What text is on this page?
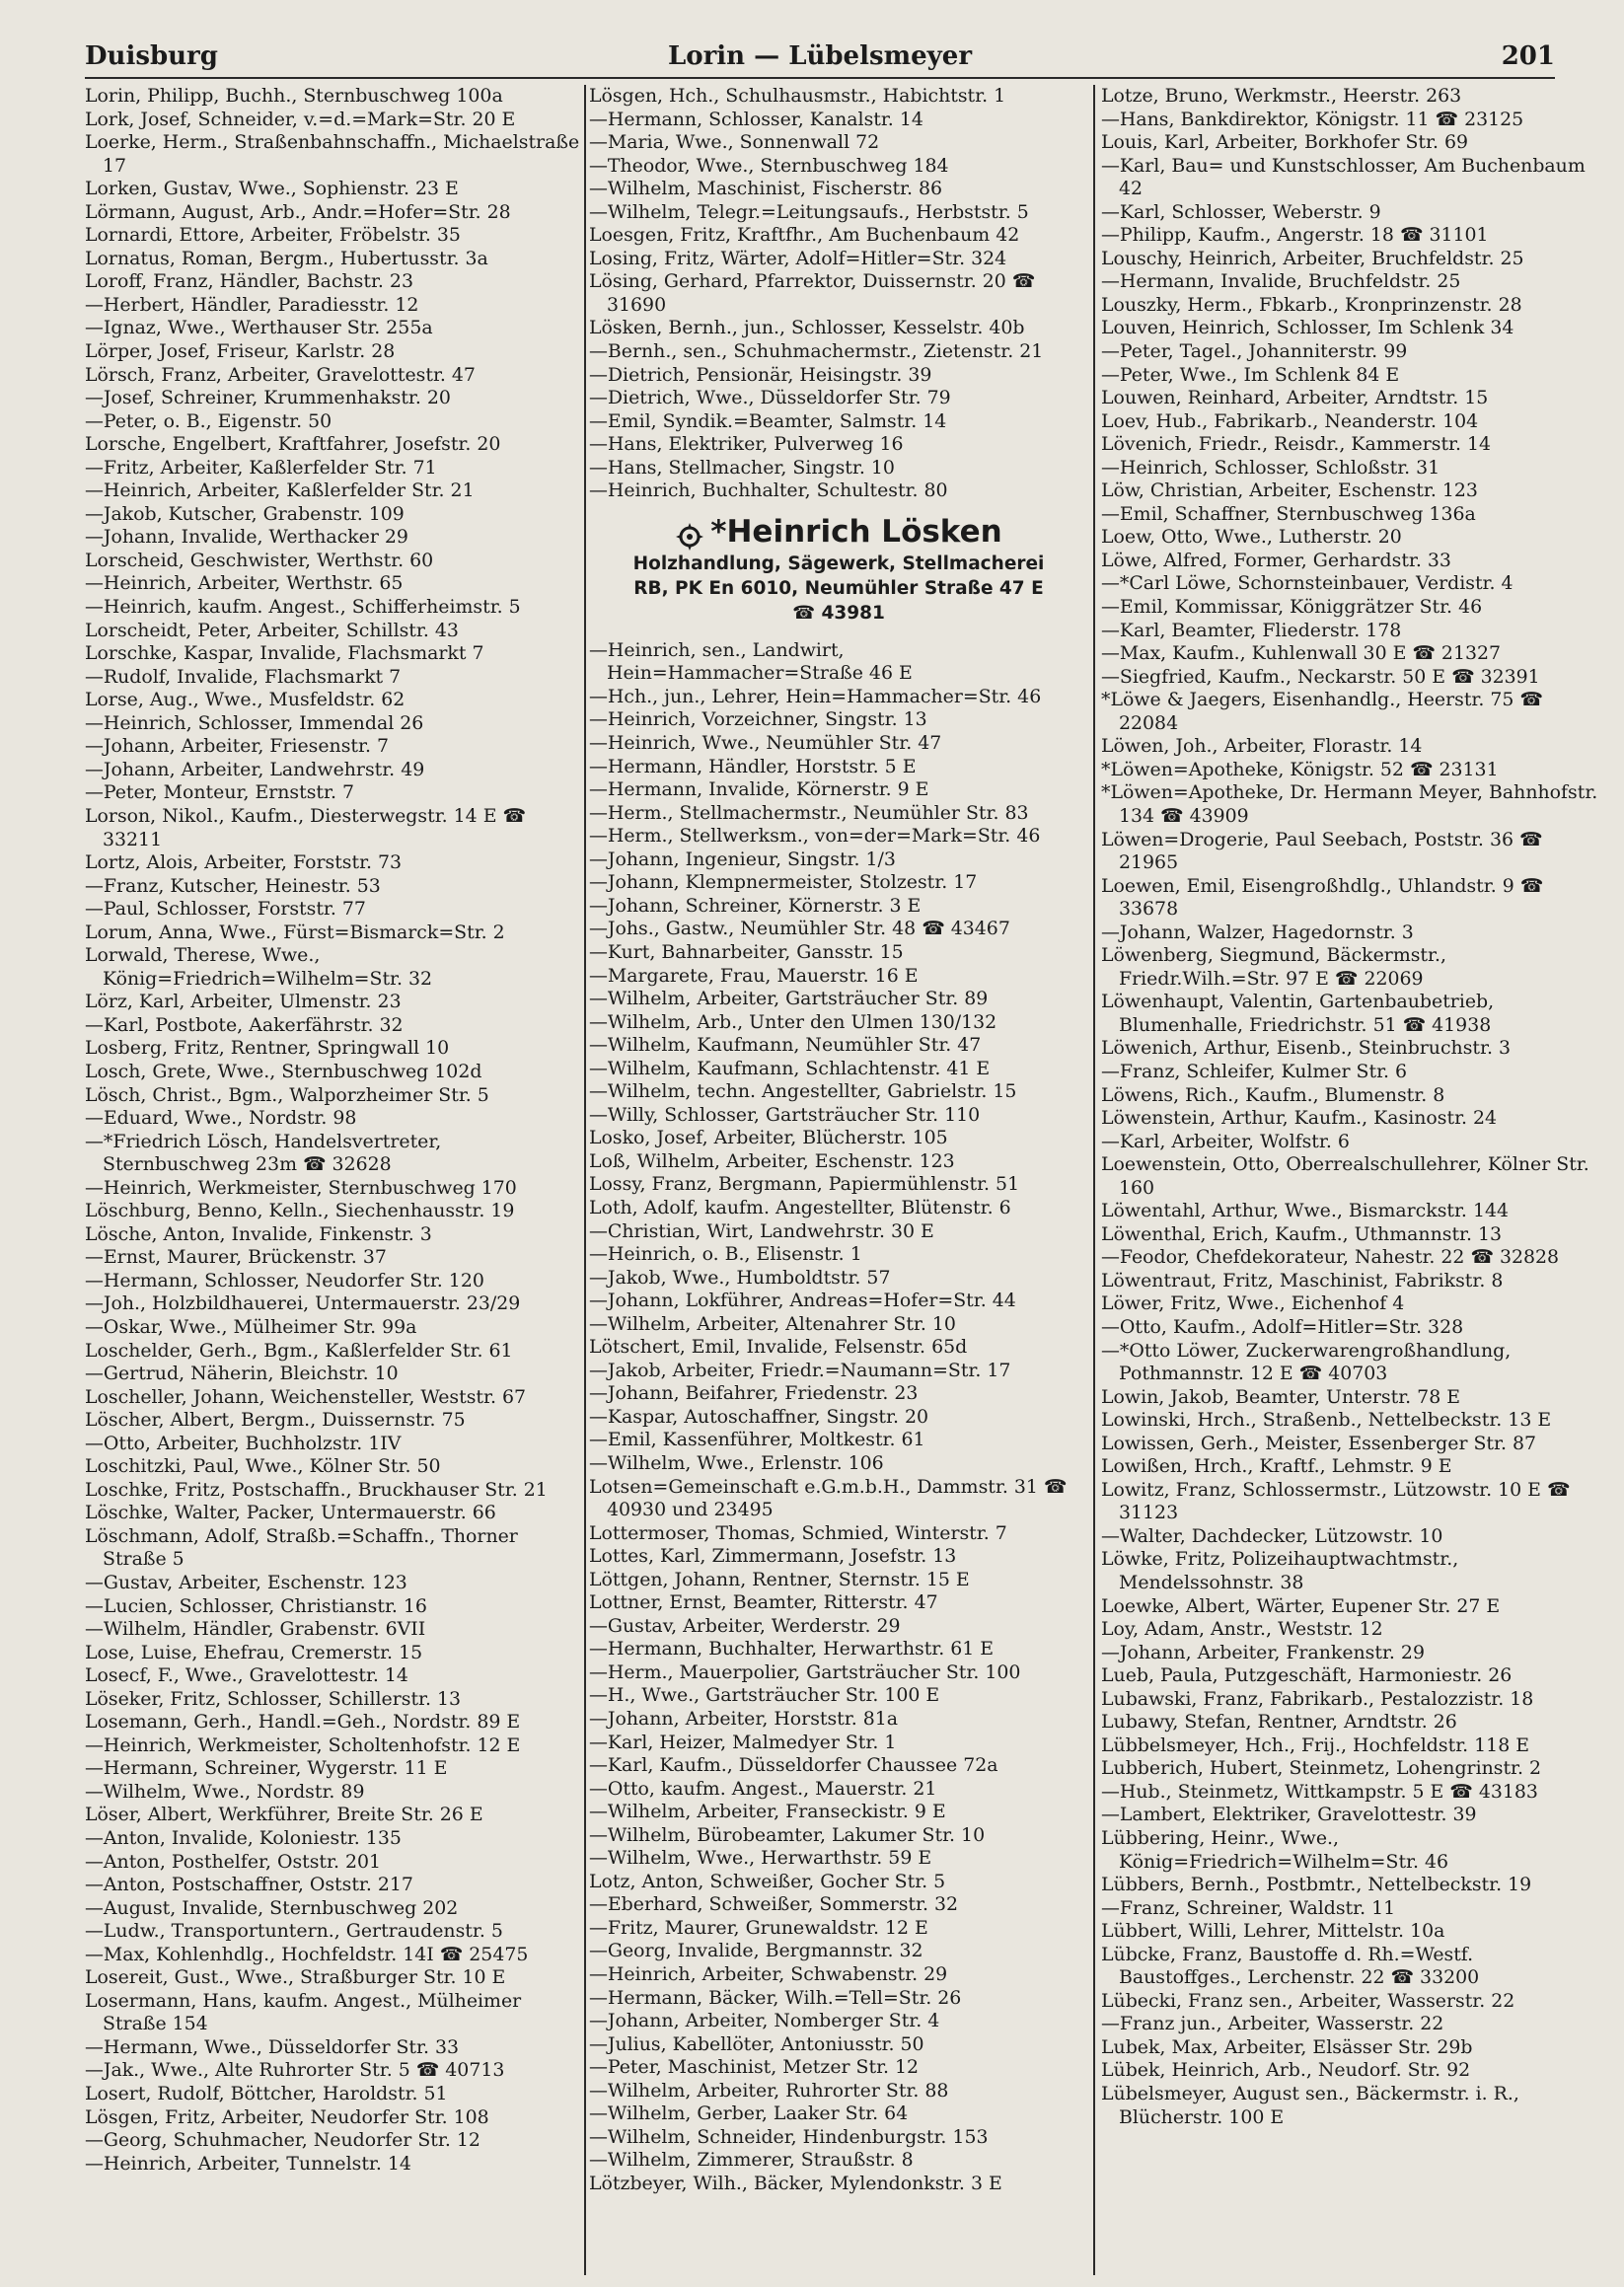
Duisburg	Lorin — Lübelsmeyer	201
Lorin, Philipp, Buchh., Sternbuschweg 100a
Lork, Josef, Schneider, v.=d.=Mark=Str. 20 E
Loerke, Herm., Straßenbahnschaffn., Michaelstraße 17
Lorken, Gustav, Wwe., Sophienstr. 23 E
Lörmann, August, Arb., Andr.=Hofer=Str. 28
Lornardi, Ettore, Arbeiter, Fröbelstr. 35
Lornatus, Roman, Bergm., Hubertusstr. 3a
Loroff, Franz, Händler, Bachstr. 23
—Herbert, Händler, Paradiesstr. 12
—Ignaz, Wwe., Werthauser Str. 255a
Lörper, Josef, Friseur, Karlstr. 28
Lörsch, Franz, Arbeiter, Gravelottestr. 47
—Josef, Schreiner, Krummenhakstr. 20
—Peter, o. B., Eigenstr. 50
Lorsche, Engelbert, Kraftfahrer, Josefstr. 20
—Fritz, Arbeiter, Kaßlerfelder Str. 71
—Heinrich, Arbeiter, Kaßlerfelder Str. 21
—Jakob, Kutscher, Grabenstr. 109
—Johann, Invalide, Werthacker 29
Lorscheid, Geschwister, Werthstr. 60
—Heinrich, Arbeiter, Werthstr. 65
—Heinrich, kaufm. Angest., Schifferheimstr. 5
Lorscheidt, Peter, Arbeiter, Schillstr. 43
Lorschke, Kaspar, Invalide, Flachsmarkt 7
—Rudolf, Invalide, Flachsmarkt 7
Lorse, Aug., Wwe., Musfeldstr. 62
—Heinrich, Schlosser, Immendal 26
—Johann, Arbeiter, Friesenstr. 7
—Johann, Arbeiter, Landwehrstr. 49
—Peter, Monteur, Ernststr. 7
Lorson, Nikol., Kaufm., Diesterwegstr. 14 E ☎ 33211
Lortz, Alois, Arbeiter, Forststr. 73
—Franz, Kutscher, Heinestr. 53
—Paul, Schlosser, Forststr. 77
Lorum, Anna, Wwe., Fürst=Bismarck=Str. 2
Lorwald, Therese, Wwe., König=Friedrich=Wilhelm=Str. 32
Lörz, Karl, Arbeiter, Ulmenstr. 23
—Karl, Postbote, Aakerfährstr. 32
Losberg, Fritz, Rentner, Springwall 10
Losch, Grete, Wwe., Sternbuschweg 102d
Lösch, Christ., Bgm., Walporzheimer Str. 5
—Eduard, Wwe., Nordstr. 98
—*Friedrich Lösch, Handelsvertreter, Sternbuschweg 23m ☎ 32628
—Heinrich, Werkmeister, Sternbuschweg 170
Löschburg, Benno, Kelln., Siechenhausstr. 19
Lösche, Anton, Invalide, Finkenstr. 3
—Ernst, Maurer, Brückenstr. 37
—Hermann, Schlosser, Neudorfer Str. 120
—Joh., Holzbildhauerei, Untermauerstr. 23/29
—Oskar, Wwe., Mülheimer Str. 99a
Loschelder, Gerh., Bgm., Kaßlerfelder Str. 61
—Gertrud, Näherin, Bleichstr. 10
Loscheller, Johann, Weichensteller, Weststr. 67
Löscher, Albert, Bergm., Duissernstr. 75
—Otto, Arbeiter, Buchholzstr. 1IV
Loschitzki, Paul, Wwe., Kölner Str. 50
Loschke, Fritz, Postschaffn., Bruckhauser Str. 21
Löschke, Walter, Packer, Untermauerstr. 66
Löschmann, Adolf, Straßb.=Schaffn., Thorner Straße 5
—Gustav, Arbeiter, Eschenstr. 123
—Lucien, Schlosser, Christianstr. 16
—Wilhelm, Händler, Grabenstr. 6VII
Lose, Luise, Ehefrau, Cremerstr. 15
Losecf, F., Wwe., Gravelottestr. 14
Löseker, Fritz, Schlosser, Schillerstr. 13
Losemann, Gerh., Handl.=Geh., Nordstr. 89 E
—Heinrich, Werkmeister, Scholtenhofstr. 12 E
—Hermann, Schreiner, Wygerstr. 11 E
—Wilhelm, Wwe., Nordstr. 89
Löser, Albert, Werkführer, Breite Str. 26 E
—Anton, Invalide, Koloniestr. 135
—Anton, Posthelfer, Oststr. 201
—Anton, Postschaffner, Oststr. 217
—August, Invalide, Sternbuschweg 202
—Ludw., Transportuntern., Gertraudenstr. 5
—Max, Kohlenhdlg., Hochfeldstr. 14I ☎ 25475
Losereit, Gust., Wwe., Straßburger Str. 10 E
Losermann, Hans, kaufm. Angest., Mülheimer Straße 154
—Hermann, Wwe., Düsseldorfer Str. 33
—Jak., Wwe., Alte Ruhrorter Str. 5 ☎ 40713
Losert, Rudolf, Böttcher, Haroldstr. 51
Lösgen, Fritz, Arbeiter, Neudorfer Str. 108
—Georg, Schuhmacher, Neudorfer Str. 12
—Heinrich, Arbeiter, Tunnelstr. 14
Lösgen, Hch., Schulhausmstr., Habichtstr. 1
—Hermann, Schlosser, Kanalstr. 14
—Maria, Wwe., Sonnenwall 72
—Theodor, Wwe., Sternbuschweg 184
—Wilhelm, Maschinist, Fischerstr. 86
—Wilhelm, Telegr.=Leitungsaufs., Herbststr. 5
Loesgen, Fritz, Kraftfhr., Am Buchenbaum 42
Losing, Fritz, Wärter, Adolf=Hitler=Str. 324
Lösing, Gerhard, Pfarrektor, Duissernstr. 20 ☎ 31690
Lösken, Bernh., jun., Schlosser, Kesselstr. 40b
—Bernh., sen., Schuhmachermstr., Zietenstr. 21
—Dietrich, Pensionär, Heisingstr. 39
—Dietrich, Wwe., Düsseldorfer Str. 79
—Emil, Syndik.=Beamter, Salmstr. 14
—Hans, Elektriker, Pulverweg 16
—Hans, Stellmacher, Singstr. 10
—Heinrich, Buchhalter, Schultestr. 80
*Heinrich Lösken
Holzhandlung, Sägewerk, Stellmacherei
RB, PK En 6010, Neumühler Straße 47 E
☎ 43981
—Heinrich, sen., Landwirt, Hein=Hammacher=Straße 46 E
—Hch., jun., Lehrer, Hein=Hammacher=Str. 46
—Heinrich, Vorzeichner, Singstr. 13
—Heinrich, Wwe., Neumühler Str. 47
—Hermann, Händler, Horststr. 5 E
—Hermann, Invalide, Körnerstr. 9 E
—Herm., Stellmachermstr., Neumühler Str. 83
—Herm., Stellwerksm., von=der=Mark=Str. 46
—Johann, Ingenieur, Singstr. 1/3
—Johann, Klempnermeister, Stolzestr. 17
—Johann, Schreiner, Körnerstr. 3 E
—Johs., Gastw., Neumühler Str. 48 ☎ 43467
—Kurt, Bahnarbeiter, Gansstr. 15
—Margarete, Frau, Mauerstr. 16 E
—Wilhelm, Arbeiter, Gartsträucher Str. 89
—Wilhelm, Arb., Unter den Ulmen 130/132
—Wilhelm, Kaufmann, Neumühler Str. 47
—Wilhelm, Kaufmann, Schlachtenstr. 41 E
—Wilhelm, techn. Angestellter, Gabrielstr. 15
—Willy, Schlosser, Gartsträucher Str. 110
Losko, Josef, Arbeiter, Blücherstr. 105
Loß, Wilhelm, Arbeiter, Eschenstr. 123
Lossy, Franz, Bergmann, Papiermühlenstr. 51
Loth, Adolf, kaufm. Angestellter, Blütenstr. 6
—Christian, Wirt, Landwehrstr. 30 E
—Heinrich, o. B., Elisenstr. 1
—Jakob, Wwe., Humboldtstr. 57
—Johann, Lokführer, Andreas=Hofer=Str. 44
—Wilhelm, Arbeiter, Altenahrer Str. 10
Lötschert, Emil, Invalide, Felsenstr. 65d
—Jakob, Arbeiter, Friedr.=Naumann=Str. 17
—Johann, Beifahrer, Friedenstr. 23
—Kaspar, Autoschaffner, Singstr. 20
—Emil, Kassenführer, Moltkestr. 61
—Wilhelm, Wwe., Erlenstr. 106
Lotsen=Gemeinschaft e.G.m.b.H., Dammstr. 31 ☎ 40930 und 23495
Lottermoser, Thomas, Schmied, Winterstr. 7
Lottes, Karl, Zimmermann, Josefstr. 13
Löttgen, Johann, Rentner, Sternstr. 15 E
Lottner, Ernst, Beamter, Ritterstr. 47
—Gustav, Arbeiter, Werderstr. 29
—Hermann, Buchhalter, Herwarthstr. 61 E
—Herm., Mauerpolier, Gartsträucher Str. 100
—H., Wwe., Gartsträucher Str. 100 E
—Johann, Arbeiter, Horststr. 81a
—Karl, Heizer, Malmedyer Str. 1
—Karl, Kaufm., Düsseldorfer Chaussee 72a
—Otto, kaufm. Angest., Mauerstr. 21
—Wilhelm, Arbeiter, Franseckistr. 9 E
—Wilhelm, Bürobeamter, Lakumer Str. 10
—Wilhelm, Wwe., Herwarthstr. 59 E
Lotz, Anton, Schweißer, Gocher Str. 5
—Eberhard, Schweißer, Sommerstr. 32
—Fritz, Maurer, Grunewaldstr. 12 E
—Georg, Invalide, Bergmannstr. 32
—Heinrich, Arbeiter, Schwabenstr. 29
—Hermann, Bäcker, Wilh.=Tell=Str. 26
—Johann, Arbeiter, Nomberger Str. 4
—Julius, Kabellöter, Antoniusstr. 50
—Peter, Maschinist, Metzer Str. 12
—Wilhelm, Arbeiter, Ruhrorter Str. 88
—Wilhelm, Gerber, Laaker Str. 64
—Wilhelm, Schneider, Hindenburgstr. 153
—Wilhelm, Zimmerer, Straußstr. 8
Lötzbeyer, Wilh., Bäcker, Mylendonkstr. 3 E
Lotze, Bruno, Werkmstr., Heerstr. 263
—Hans, Bankdirektor, Königstr. 11 ☎ 23125
Louis, Karl, Arbeiter, Borkhofer Str. 69
—Karl, Bau= und Kunstschlosser, Am Buchenbaum 42
—Karl, Schlosser, Weberstr. 9
—Philipp, Kaufm., Angerstr. 18 ☎ 31101
Louschy, Heinrich, Arbeiter, Bruchfeldstr. 25
—Hermann, Invalide, Bruchfeldstr. 25
Louszky, Herm., Fbkarb., Kronprinzenstr. 28
Louven, Heinrich, Schlosser, Im Schlenk 34
—Peter, Tagel., Johanniterstr. 99
—Peter, Wwe., Im Schlenk 84 E
Louwen, Reinhard, Arbeiter, Arndtstr. 15
Loev, Hub., Fabrikarb., Neanderstr. 104
Lövenich, Friedr., Reisdr., Kammerstr. 14
—Heinrich, Schlosser, Schloßstr. 31
Löw, Christian, Arbeiter, Eschenstr. 123
—Emil, Schaffner, Sternbuschweg 136a
Loew, Otto, Wwe., Lutherstr. 20
Löwe, Alfred, Former, Gerhardstr. 33
—*Carl Löwe, Schornsteinbauer, Verdistr. 4
—Emil, Kommissar, Königgrätzer Str. 46
—Karl, Beamter, Fliederstr. 178
—Max, Kaufm., Kuhlenwall 30 E ☎ 21327
—Siegfried, Kaufm., Neckarstr. 50 E ☎ 32391
*Löwe & Jaegers, Eisenhandlg., Heerstr. 75 ☎ 22084
Löwen, Joh., Arbeiter, Florastr. 14
*Löwen=Apotheke, Königstr. 52 ☎ 23131
*Löwen=Apotheke, Dr. Hermann Meyer, Bahnhofstr. 134 ☎ 43909
Löwen=Drogerie, Paul Seebach, Poststr. 36 ☎ 21965
Loewen, Emil, Eisengroßhdlg., Uhlandstr. 9 ☎ 33678
—Johann, Walzer, Hagedornstr. 3
Löwenberg, Siegmund, Bäckermstr., Friedr.Wilh.=Str. 97 E ☎ 22069
Löwenhaupt, Valentin, Gartenbaubetrieb, Blumenhalle, Friedrichstr. 51 ☎ 41938
Löwenich, Arthur, Eisenb., Steinbruchstr. 3
—Franz, Schleifer, Kulmer Str. 6
Löwens, Rich., Kaufm., Blumenstr. 8
Löwenstein, Arthur, Kaufm., Kasinostr. 24
—Karl, Arbeiter, Wolfstr. 6
Loewenstein, Otto, Oberrealschullehrer, Kölner Str. 160
Löwentahl, Arthur, Wwe., Bismarckstr. 144
Löwenthal, Erich, Kaufm., Uthmannstr. 13
—Feodor, Chefdekorateur, Nahestr. 22 ☎ 32828
Löwentraut, Fritz, Maschinist, Fabrikstr. 8
Löwer, Fritz, Wwe., Eichenhof 4
—Otto, Kaufm., Adolf=Hitler=Str. 328
—*Otto Löwer, Zuckerwarengroßhandlung, Pothmannstr. 12 E ☎ 40703
Lowin, Jakob, Beamter, Unterstr. 78 E
Lowinski, Hrch., Straßenb., Nettelbeckstr. 13 E
Lowissen, Gerh., Meister, Essenberger Str. 87
Lowißen, Hrch., Kraftf., Lehmstr. 9 E
Lowitz, Franz, Schlossermstr., Lützowstr. 10 E ☎ 31123
—Walter, Dachdecker, Lützowstr. 10
Löwke, Fritz, Polizeihauptwachtmstr., Mendelssohnstr. 38
Loewke, Albert, Wärter, Eupener Str. 27 E
Loy, Adam, Anstr., Weststr. 12
—Johann, Arbeiter, Frankenstr. 29
Lueb, Paula, Putzgeschäft, Harmoniestr. 26
Lubawski, Franz, Fabrikarb., Pestalozzistr. 18
Lubawy, Stefan, Rentner, Arndtstr. 26
Lübbelsmeyer, Hch., Frij., Hochfeldstr. 118 E
Lubberich, Hubert, Steinmetz, Lohengrinstr. 2
—Hub., Steinmetz, Wittkampstr. 5 E ☎ 43183
—Lambert, Elektriker, Gravelottestr. 39
Lübbering, Heinr., Wwe., König=Friedrich=Wilhelm=Str. 46
Lübbers, Bernh., Postbmtr., Nettelbeckstr. 19
—Franz, Schreiner, Waldstr. 11
Lübbert, Willi, Lehrer, Mittelstr. 10a
Lübcke, Franz, Baustoffe d. Rh.=Westf. Baustoffges., Lerchenstr. 22 ☎ 33200
Lübecki, Franz sen., Arbeiter, Wasserstr. 22
—Franz jun., Arbeiter, Wasserstr. 22
Lubek, Max, Arbeiter, Elsässer Str. 29b
Lübek, Heinrich, Arb., Neudorf. Str. 92
Lübelsmeyer, August sen., Bäckermstr. i. R., Blücherstr. 100 E
